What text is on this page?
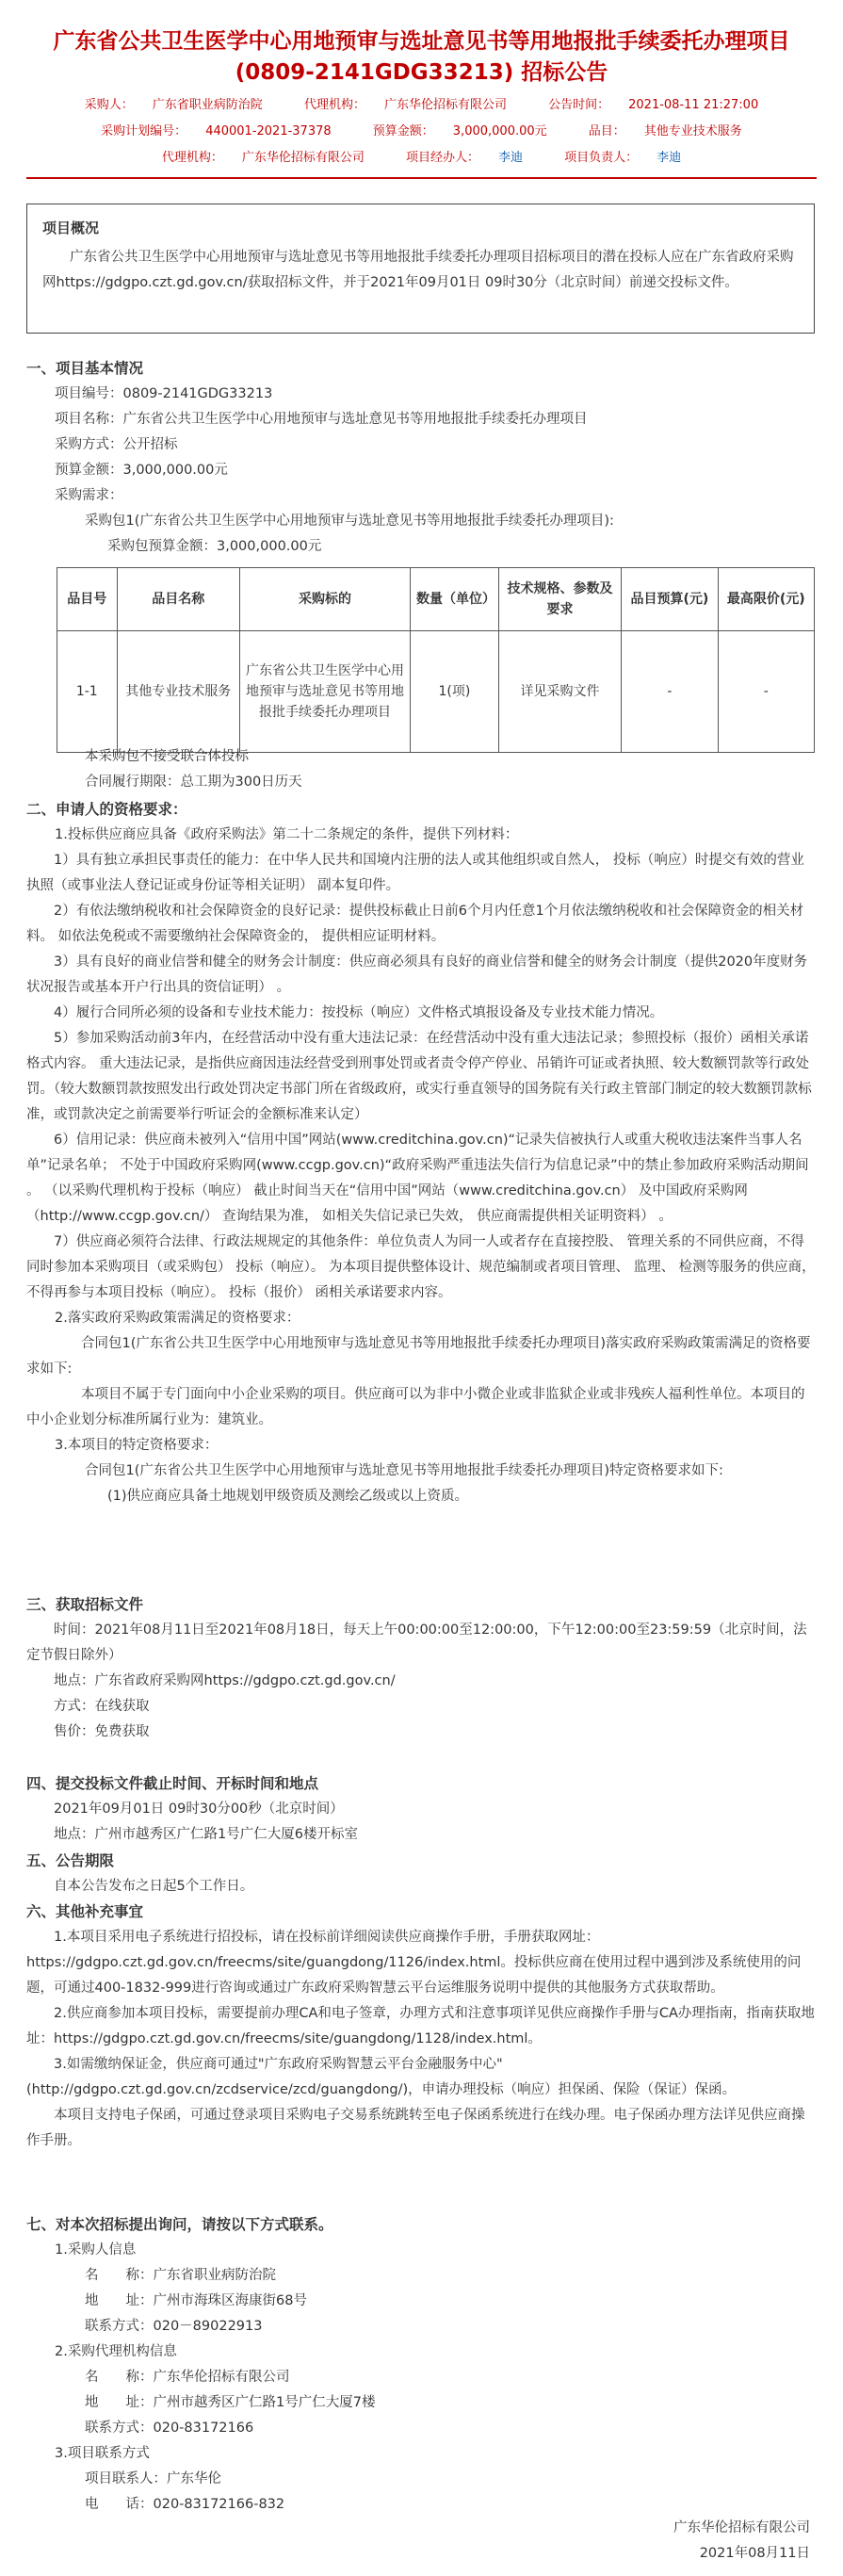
广东省公共卫生医学中心用地预审与选址意见书等用地报批手续委托办理项目
(0809-2141GDG33213) 招标公告
采购人： 广东省职业病防治院	代理机构： 广东华伦招标有限公司	公告时间： 2021-08-11 21:27:00
采购计划编号： 440001-2021-37378	预算金额： 3,000,000.00元	品目： 其他专业技术服务
代理机构： 广东华伦招标有限公司	项目经办人： 李迪	项目负责人： 李迪
项目概况

广东省公共卫生医学中心用地预审与选址意见书等用地报批手续委托办理项目招标项目的潜在投标人应在广东省政府采购网https://gdgpo.czt.gd.gov.cn/获取招标文件，并于2021年09月01日 09时30分（北京时间）前递交投标文件。

一、项目基本情况

项目编号：0809-2141GDG33213

项目名称：广东省公共卫生医学中心用地预审与选址意见书等用地报批手续委托办理项目

采购方式：公开招标

预算金额：3,000,000.00元

采购需求：

采购包1(广东省公共卫生医学中心用地预审与选址意见书等用地报批手续委托办理项目):

采购包预算金额：3,000,000.00元

品目号	品目名称	采购标的	数量（单位）	技术规格、参数及要求	品目预算(元)	最高限价(元)
1-1	其他专业技术服务	广东省公共卫生医学中心用地预审与选址意见书等用地报批手续委托办理项目	1(项)	详见采购文件	-	-

本采购包不接受联合体投标

合同履行期限：总工期为300日历天

二、申请人的资格要求：

1.投标供应商应具备《政府采购法》第二十二条规定的条件，提供下列材料：

1）具有独立承担民事责任的能力：在中华人民共和国境内注册的法人或其他组织或自然人， 投标（响应）时提交有效的营业执照（或事业法人登记证或身份证等相关证明） 副本复印件。

2）有依法缴纳税收和社会保障资金的良好记录：提供投标截止日前6个月内任意1个月依法缴纳税收和社会保障资金的相关材料。 如依法免税或不需要缴纳社会保障资金的， 提供相应证明材料。

3）具有良好的商业信誉和健全的财务会计制度：供应商必须具有良好的商业信誉和健全的财务会计制度（提供2020年度财务状况报告或基本开户行出具的资信证明） 。

4）履行合同所必须的设备和专业技术能力：按投标（响应）文件格式填报设备及专业技术能力情况。

5）参加采购活动前3年内，在经营活动中没有重大违法记录：在经营活动中没有重大违法记录；参照投标（报价）函相关承诺格式内容。 重大违法记录，是指供应商因违法经营受到刑事处罚或者责令停产停业、吊销许可证或者执照、较大数额罚款等行政处罚。（较大数额罚款按照发出行政处罚决定书部门所在省级政府，或实行垂直领导的国务院有关行政主管部门制定的较大数额罚款标准，或罚款决定之前需要举行听证会的金额标准来认定）

6）信用记录：供应商未被列入“信用中国”网站(www.creditchina.gov.cn)“记录失信被执行人或重大税收违法案件当事人名单”记录名单； 不处于中国政府采购网(www.ccgp.gov.cn)“政府采购严重违法失信行为信息记录”中的禁止参加政府采购活动期间 。 （以采购代理机构于投标（响应） 截止时间当天在“信用中国”网站（www.creditchina.gov.cn） 及中国政府采购网（http://www.ccgp.gov.cn/） 查询结果为准， 如相关失信记录已失效， 供应商需提供相关证明资料） 。

7）供应商必须符合法律、行政法规规定的其他条件：单位负责人为同一人或者存在直接控股、 管理关系的不同供应商，不得同时参加本采购项目（或采购包） 投标（响应）。 为本项目提供整体设计、规范编制或者项目管理、 监理、 检测等服务的供应商， 不得再参与本项目投标（响应）。 投标（报价） 函相关承诺要求内容。

2.落实政府采购政策需满足的资格要求：

合同包1(广东省公共卫生医学中心用地预审与选址意见书等用地报批手续委托办理项目)落实政府采购政策需满足的资格要求如下:

本项目不属于专门面向中小企业采购的项目。供应商可以为非中小微企业或非监狱企业或非残疾人福利性单位。本项目的中小企业划分标准所属行业为：建筑业。

3.本项目的特定资格要求：

合同包1(广东省公共卫生医学中心用地预审与选址意见书等用地报批手续委托办理项目)特定资格要求如下:

(1)供应商应具备土地规划甲级资质及测绘乙级或以上资质。

三、获取招标文件

时间：2021年08月11日至2021年08月18日，每天上午00:00:00至12:00:00，下午12:00:00至23:59:59（北京时间，法定节假日除外）

地点：广东省政府采购网https://gdgpo.czt.gd.gov.cn/

方式：在线获取

售价：免费获取

四、提交投标文件截止时间、开标时间和地点

2021年09月01日 09时30分00秒（北京时间）

地点：广州市越秀区广仁路1号广仁大厦6楼开标室

五、公告期限

自本公告发布之日起5个工作日。

六、其他补充事宜

1.本项目采用电子系统进行招投标，请在投标前详细阅读供应商操作手册，手册获取网址：https://gdgpo.czt.gd.gov.cn/freecms/site/guangdong/1126/index.html。投标供应商在使用过程中遇到涉及系统使用的问题，可通过400-1832-999进行咨询或通过广东政府采购智慧云平台运维服务说明中提供的其他服务方式获取帮助。

2.供应商参加本项目投标，需要提前办理CA和电子签章，办理方式和注意事项详见供应商操作手册与CA办理指南，指南获取地址：https://gdgpo.czt.gd.gov.cn/freecms/site/guangdong/1128/index.html。

3.如需缴纳保证金，供应商可通过"广东政府采购智慧云平台金融服务中心"(http://gdgpo.czt.gd.gov.cn/zcdservice/zcd/guangdong/)，申请办理投标（响应）担保函、保险（保证）保函。

本项目支持电子保函，可通过登录项目采购电子交易系统跳转至电子保函系统进行在线办理。电子保函办理方法详见供应商操作手册。

七、对本次招标提出询问，请按以下方式联系。

1.采购人信息

名　　称：广东省职业病防治院

地　　址：广州市海珠区海康街68号

联系方式：020－89022913

2.采购代理机构信息

名　　称：广东华伦招标有限公司

地　　址：广州市越秀区广仁路1号广仁大厦7楼

联系方式：020-83172166

3.项目联系方式

项目联系人：广东华伦

电　　话：020-83172166-832

广东华伦招标有限公司
2021年08月11日
